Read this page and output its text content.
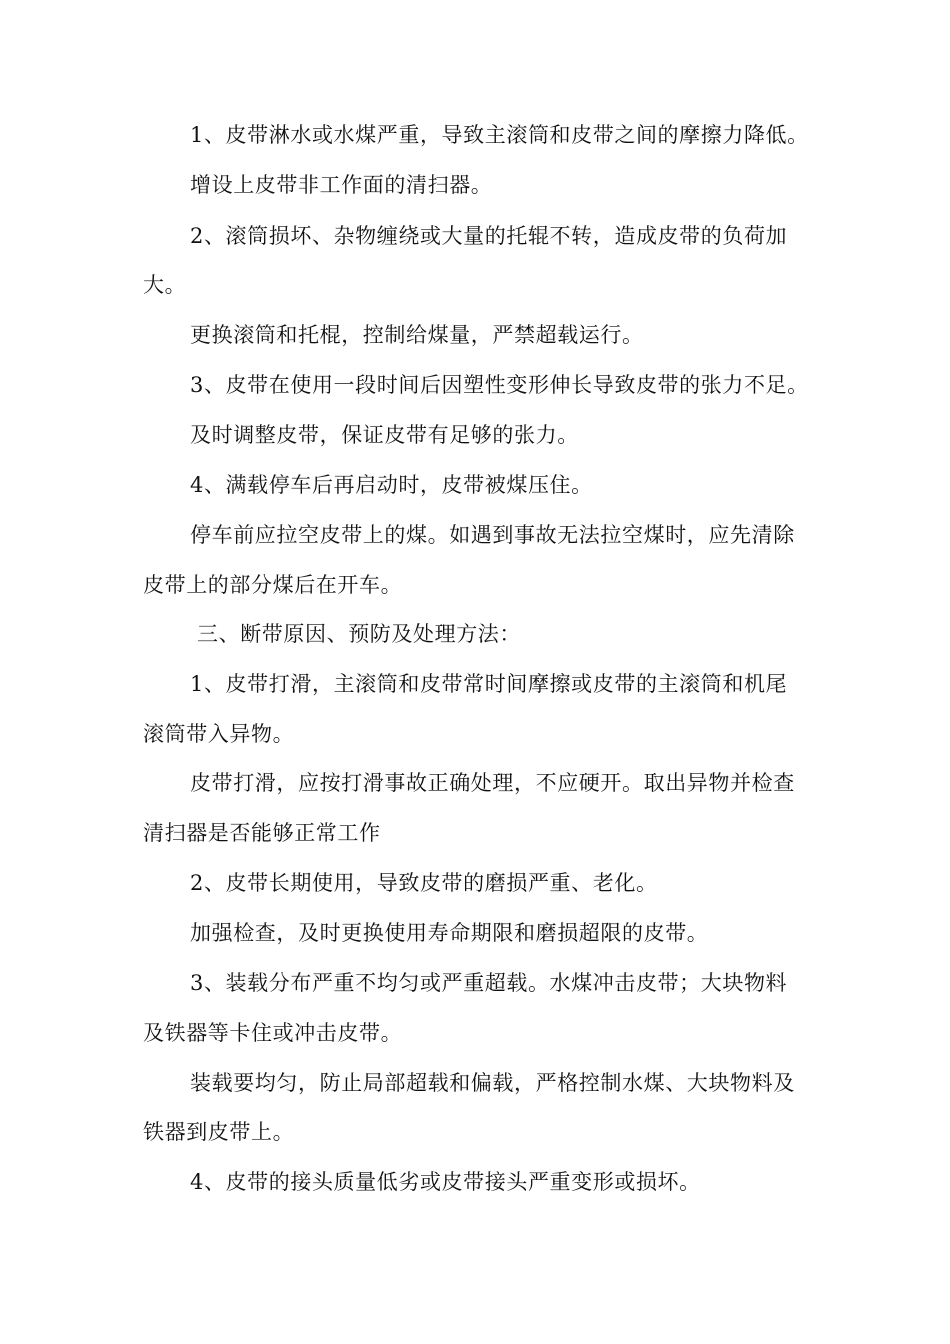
1、皮带淋水或水煤严重，导致主滚筒和皮带之间的摩擦力降低。

增设上皮带非工作面的清扫器。

2、滚筒损坏、杂物缠绕或大量的托辊不转，造成皮带的负荷加

大。

更换滚筒和托棍，控制给煤量，严禁超载运行。

3、皮带在使用一段时间后因塑性变形伸长导致皮带的张力不足。

及时调整皮带，保证皮带有足够的张力。

4、满载停车后再启动时，皮带被煤压住。

停车前应拉空皮带上的煤。如遇到事故无法拉空煤时，应先清除

皮带上的部分煤后在开车。

三、断带原因、预防及处理方法：

1、皮带打滑，主滚筒和皮带常时间摩擦或皮带的主滚筒和机尾

滚筒带入异物。

皮带打滑，应按打滑事故正确处理，不应硬开。取出异物并检查

清扫器是否能够正常工作

2、皮带长期使用，导致皮带的磨损严重、老化。

加强检查，及时更换使用寿命期限和磨损超限的皮带。

3、装载分布严重不均匀或严重超载。水煤冲击皮带；大块物料

及铁器等卡住或冲击皮带。

装载要均匀，防止局部超载和偏载，严格控制水煤、大块物料及

铁器到皮带上。

4、皮带的接头质量低劣或皮带接头严重变形或损坏。
